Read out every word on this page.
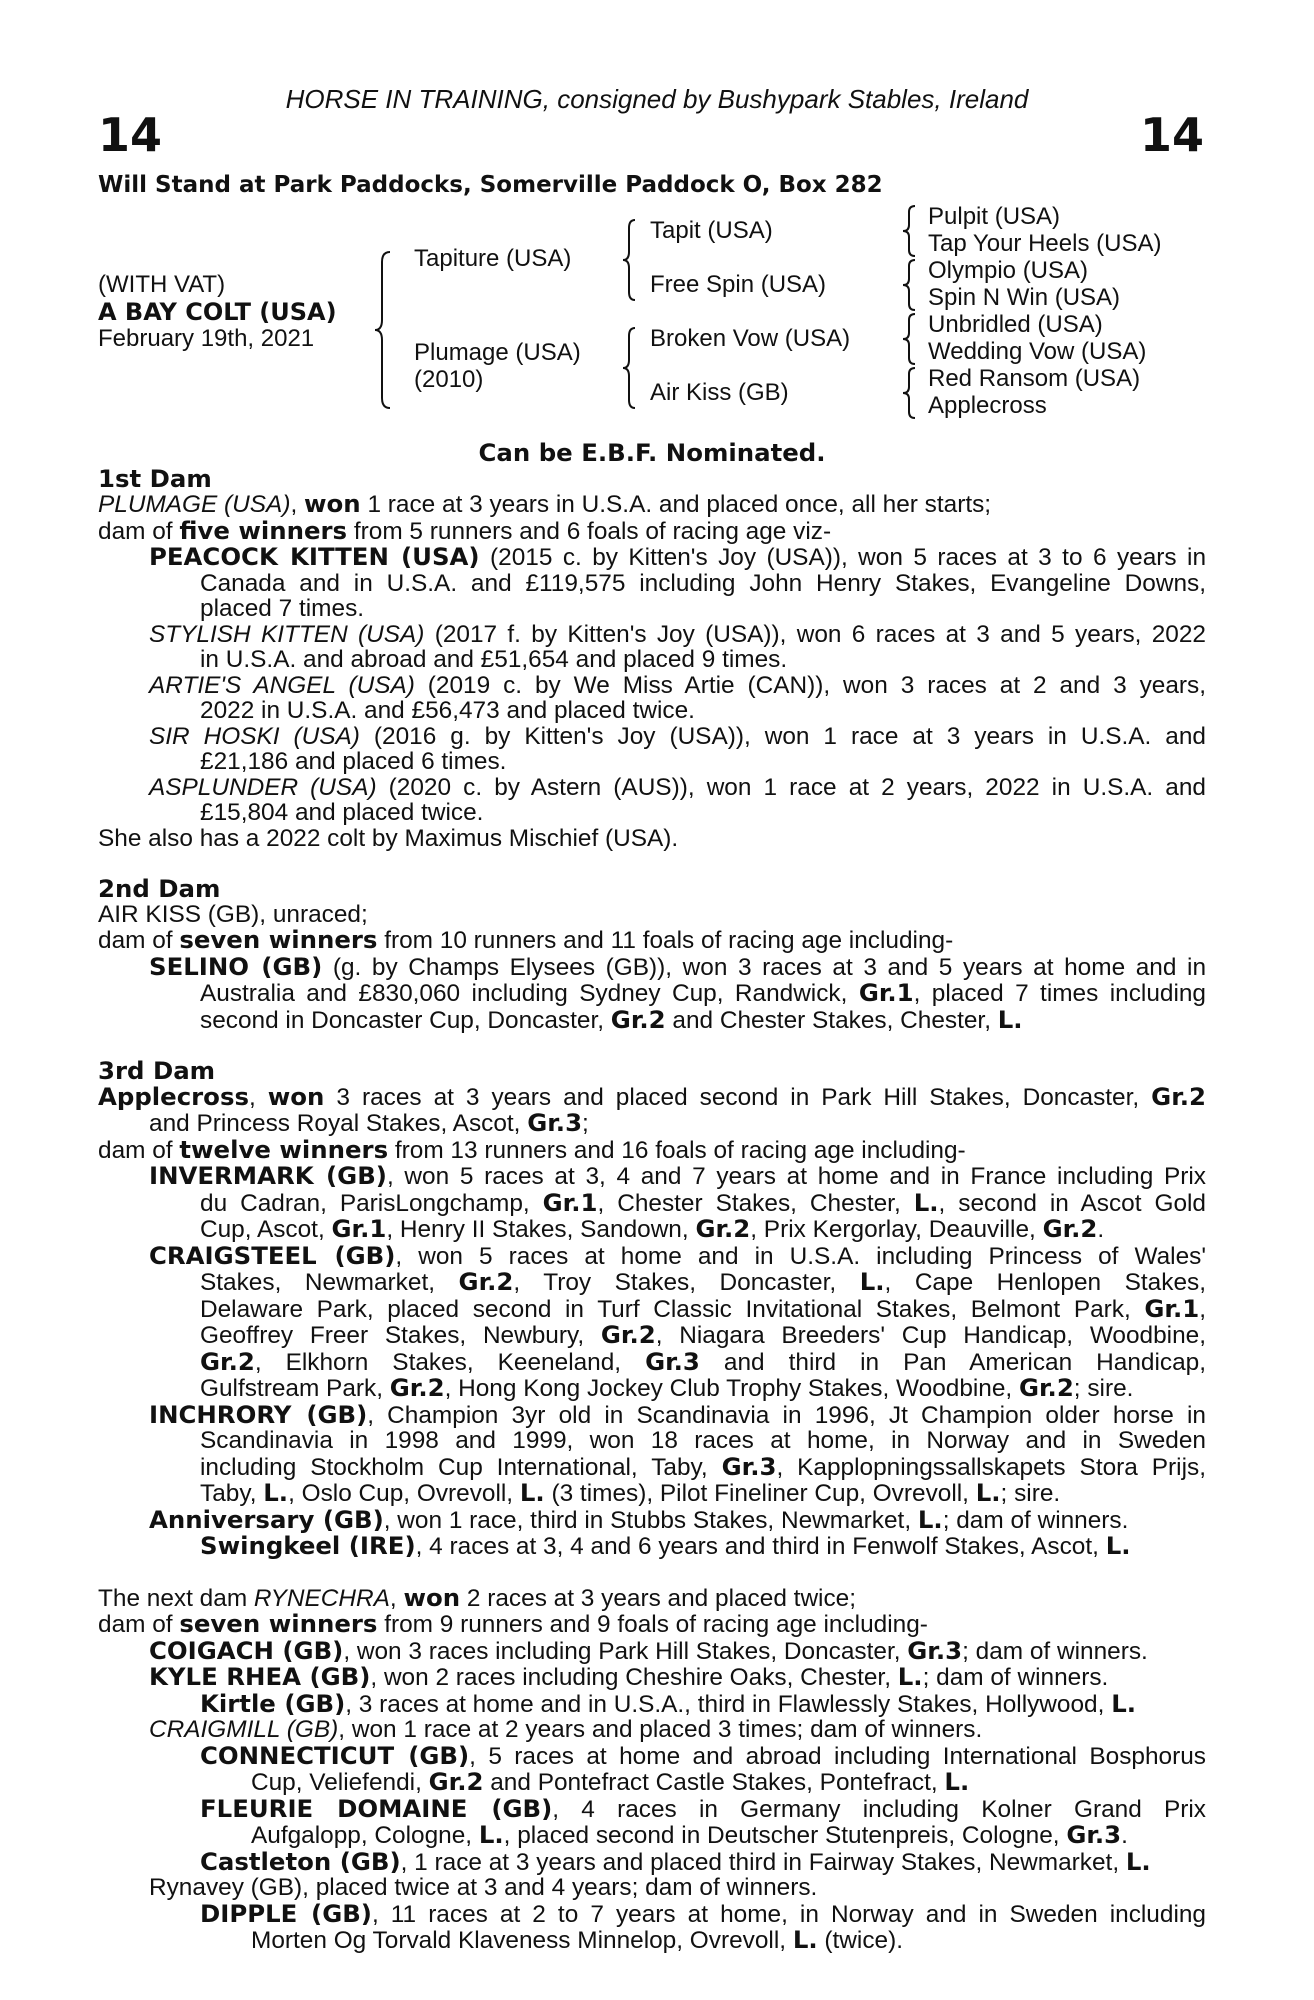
HORSE IN TRAINING, consigned by Bushypark Stables, Ireland
14	14
Will Stand at Park Paddocks, Somerville Paddock O, Box 282
(WITH VAT)
A BAY COLT (USA)
February 19th, 2021
Tapiture (USA)
Plumage (USA)
(2010)
Tapit (USA)
Free Spin (USA)
Broken Vow (USA)
Air Kiss (GB)
Pulpit (USA)
Tap Your Heels (USA)
Olympio (USA)
Spin N Win (USA)
Unbridled (USA)
Wedding Vow (USA)
Red Ransom (USA)
Applecross
Can be E.B.F. Nominated.
1st Dam
PLUMAGE (USA), won 1 race at 3 years in U.S.A. and placed once, all her starts;
dam of five winners from 5 runners and 6 foals of racing age viz-
PEACOCK KITTEN (USA) (2015 c. by Kitten's Joy (USA)), won 5 races at 3 to 6 years in
Canada and in U.S.A. and £119,575 including John Henry Stakes, Evangeline Downs,
placed 7 times.
STYLISH KITTEN (USA) (2017 f. by Kitten's Joy (USA)), won 6 races at 3 and 5 years, 2022
in U.S.A. and abroad and £51,654 and placed 9 times.
ARTIE'S ANGEL (USA) (2019 c. by We Miss Artie (CAN)), won 3 races at 2 and 3 years,
2022 in U.S.A. and £56,473 and placed twice.
SIR HOSKI (USA) (2016 g. by Kitten's Joy (USA)), won 1 race at 3 years in U.S.A. and
£21,186 and placed 6 times.
ASPLUNDER (USA) (2020 c. by Astern (AUS)), won 1 race at 2 years, 2022 in U.S.A. and
£15,804 and placed twice.
She also has a 2022 colt by Maximus Mischief (USA).
2nd Dam
AIR KISS (GB), unraced;
dam of seven winners from 10 runners and 11 foals of racing age including-
SELINO (GB) (g. by Champs Elysees (GB)), won 3 races at 3 and 5 years at home and in
Australia and £830,060 including Sydney Cup, Randwick, Gr.1, placed 7 times including
second in Doncaster Cup, Doncaster, Gr.2 and Chester Stakes, Chester, L.
3rd Dam
Applecross, won 3 races at 3 years and placed second in Park Hill Stakes, Doncaster, Gr.2
and Princess Royal Stakes, Ascot, Gr.3;
dam of twelve winners from 13 runners and 16 foals of racing age including-
INVERMARK (GB), won 5 races at 3, 4 and 7 years at home and in France including Prix
du Cadran, ParisLongchamp, Gr.1, Chester Stakes, Chester, L., second in Ascot Gold
Cup, Ascot, Gr.1, Henry II Stakes, Sandown, Gr.2, Prix Kergorlay, Deauville, Gr.2.
CRAIGSTEEL (GB), won 5 races at home and in U.S.A. including Princess of Wales'
Stakes, Newmarket, Gr.2, Troy Stakes, Doncaster, L., Cape Henlopen Stakes,
Delaware Park, placed second in Turf Classic Invitational Stakes, Belmont Park, Gr.1,
Geoffrey Freer Stakes, Newbury, Gr.2, Niagara Breeders' Cup Handicap, Woodbine,
Gr.2, Elkhorn Stakes, Keeneland, Gr.3 and third in Pan American Handicap,
Gulfstream Park, Gr.2, Hong Kong Jockey Club Trophy Stakes, Woodbine, Gr.2; sire.
INCHRORY (GB), Champion 3yr old in Scandinavia in 1996, Jt Champion older horse in
Scandinavia in 1998 and 1999, won 18 races at home, in Norway and in Sweden
including Stockholm Cup International, Taby, Gr.3, Kapplopningssallskapets Stora Prijs,
Taby, L., Oslo Cup, Ovrevoll, L. (3 times), Pilot Fineliner Cup, Ovrevoll, L.; sire.
Anniversary (GB), won 1 race, third in Stubbs Stakes, Newmarket, L.; dam of winners.
Swingkeel (IRE), 4 races at 3, 4 and 6 years and third in Fenwolf Stakes, Ascot, L.
The next dam RYNECHRA, won 2 races at 3 years and placed twice;
dam of seven winners from 9 runners and 9 foals of racing age including-
COIGACH (GB), won 3 races including Park Hill Stakes, Doncaster, Gr.3; dam of winners.
KYLE RHEA (GB), won 2 races including Cheshire Oaks, Chester, L.; dam of winners.
Kirtle (GB), 3 races at home and in U.S.A., third in Flawlessly Stakes, Hollywood, L.
CRAIGMILL (GB), won 1 race at 2 years and placed 3 times; dam of winners.
CONNECTICUT (GB), 5 races at home and abroad including International Bosphorus
Cup, Veliefendi, Gr.2 and Pontefract Castle Stakes, Pontefract, L.
FLEURIE DOMAINE (GB), 4 races in Germany including Kolner Grand Prix
Aufgalopp, Cologne, L., placed second in Deutscher Stutenpreis, Cologne, Gr.3.
Castleton (GB), 1 race at 3 years and placed third in Fairway Stakes, Newmarket, L.
Rynavey (GB), placed twice at 3 and 4 years; dam of winners.
DIPPLE (GB), 11 races at 2 to 7 years at home, in Norway and in Sweden including
Morten Og Torvald Klaveness Minnelop, Ovrevoll, L. (twice).
